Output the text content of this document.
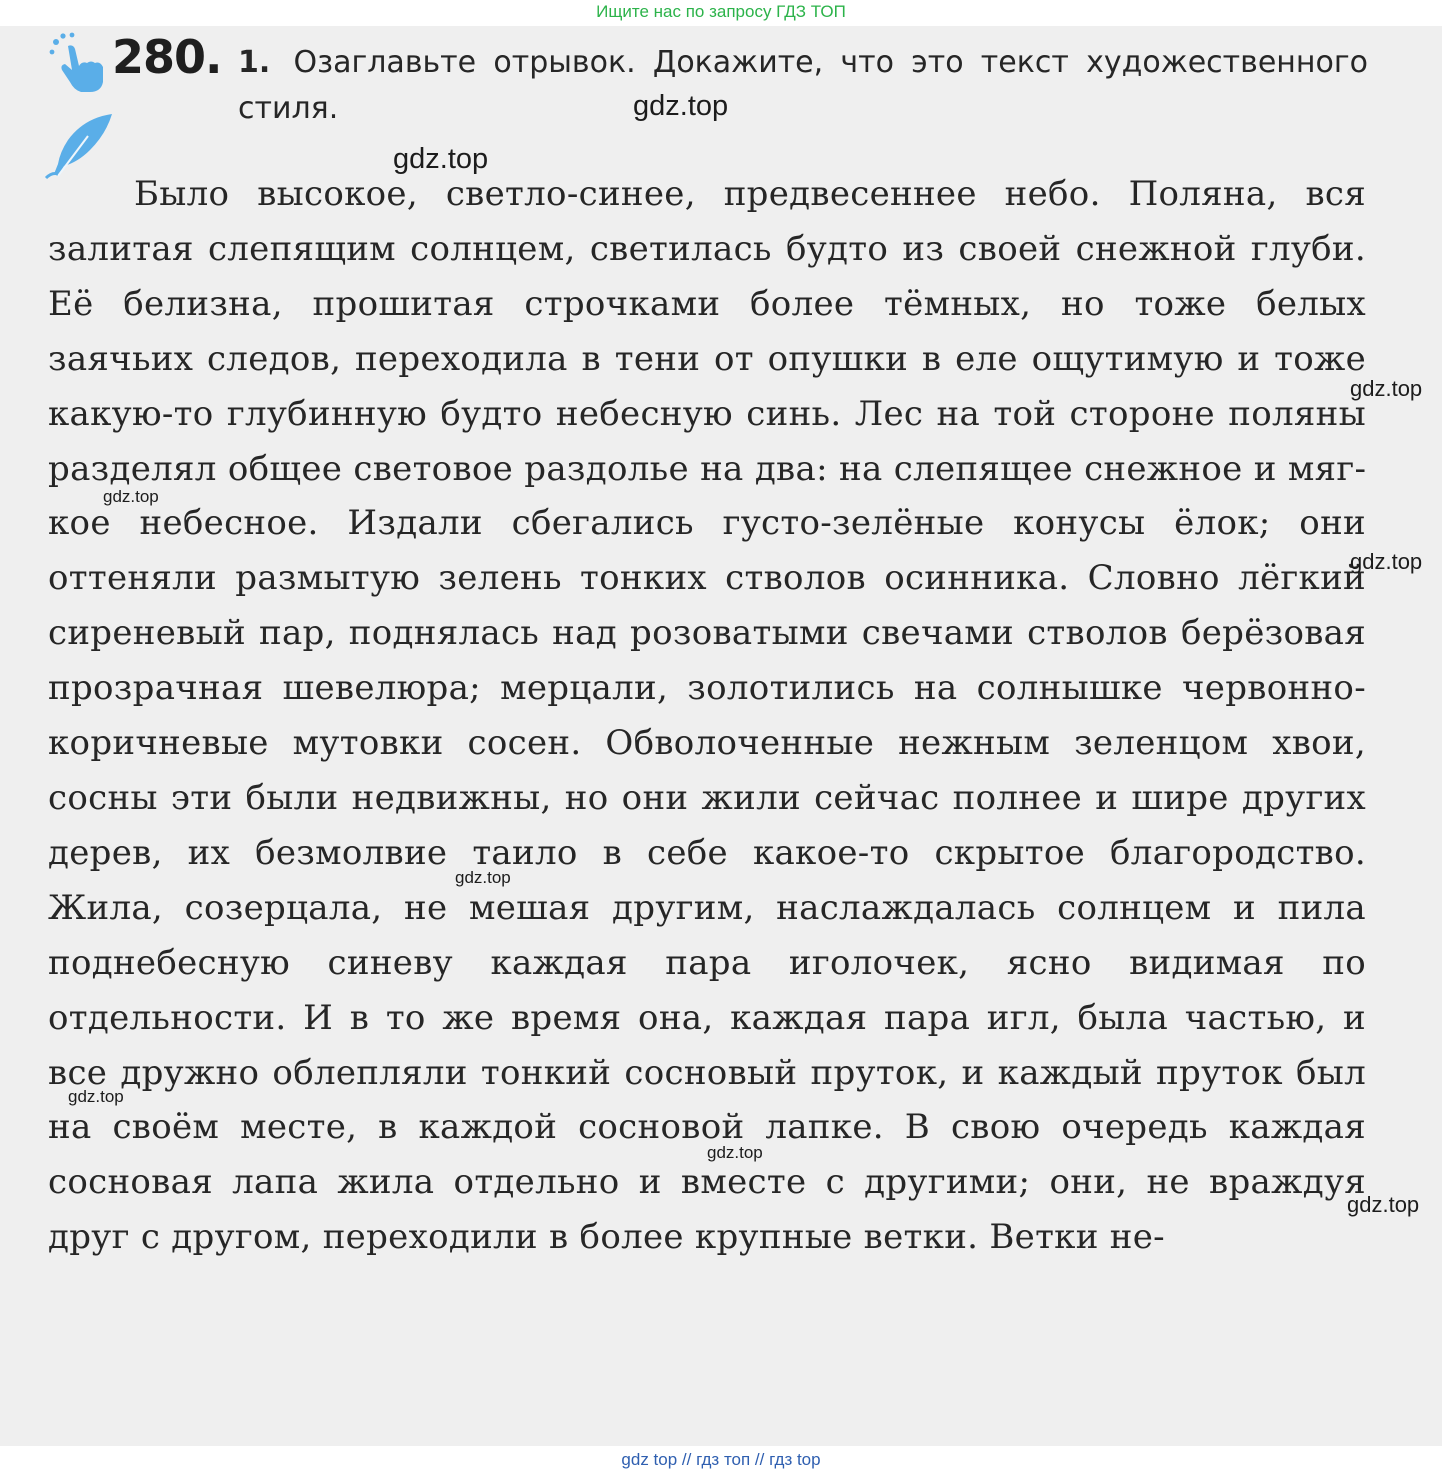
Ищите нас по запросу ГДЗ ТОП
280. 1. Озаглавьте отрывок. Докажите, что это текст художественного стиля.

Было высокое, светло-синее, предвесеннее небо. Поляна, вся залитая слепящим солнцем, светилась будто из своей снежной глуби. Её белизна, прошитая строчками более тёмных, но тоже белых заячьих следов, переходила в тени от опушки в еле ощутимую и тоже какую-то глубинную будто небесную синь. Лес на той стороне поляны разделял общее световое раздолье на два: на слепящее снежное и мягкое небесное. Издали сбегались густо-зелёные конусы ёлок; они оттеняли размытую зелень тонких стволов осинника. Словно лёгкий сиреневый пар, поднялась над розоватыми свечами стволов берёзовая прозрачная шевелюра; мерцали, золотились на солнышке червонно-коричневые мутовки сосен. Обволоченные нежным зеленцом хвои, сосны эти были недвижны, но они жили сейчас полнее и шире других дерев, их безмолвие таило в себе какое-то скрытое благородство. Жила, созерцала, не мешая другим, наслаждалась солнцем и пила поднебесную синеву каждая пара иголочек, ясно видимая по отдельности. И в то же время она, каждая пара игл, была частью, и все дружно облепляли тонкий сосновый пруток, и каждый пруток был на своём месте, в каждой сосновой лапке. В свою очередь каждая сосновая лапа жила отдельно и вместе с другими; они, не враждуя друг с другом, переходили в более крупные ветки. Ветки не-

gdz.top
gdz.top
gdz.top
gdz.top
gdz.top
gdz.top
gdz.top
gdz.top
gdz.top
gdz top // гдз топ // гдз top
